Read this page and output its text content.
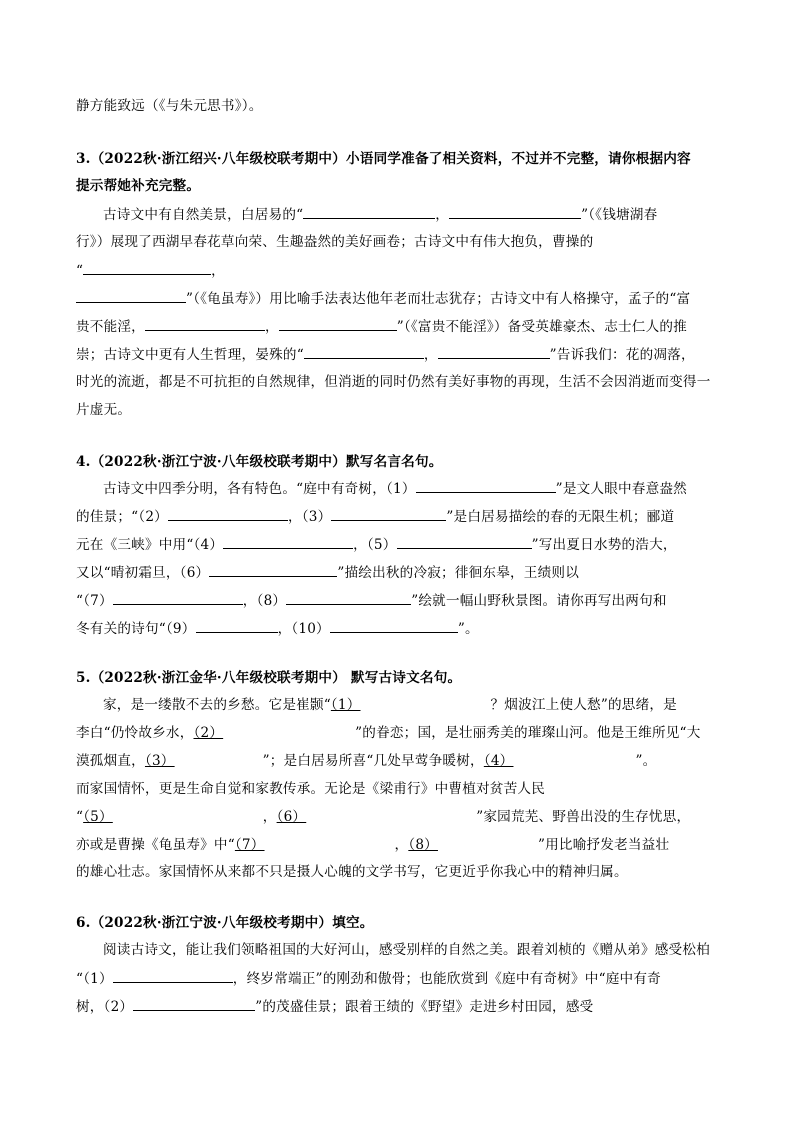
静方能致远（《与朱元思书》）。
3.（2022秋·浙江绍兴·八年级校联考期中）小语同学准备了相关资料，不过并不完整，请你根据内容
提示帮她补充完整。
古诗文中有自然美景，白居易的“	，	”（《钱塘湖春
行》）展现了西湖早春花草向荣、生趣盎然的美好画卷；古诗文中有伟大抱负，曹操的
“	，
”（《龟虽寿》）用比喻手法表达他年老而壮志犹存；古诗文中有人格操守，孟子的“富
贵不能淫，	，	”（《富贵不能淫》）备受英雄豪杰、志士仁人的推
崇；古诗文中更有人生哲理，晏殊的“	，	”告诉我们：花的凋落，
时光的流逝，都是不可抗拒的自然规律，但消逝的同时仍然有美好事物的再现，生活不会因消逝而变得一
片虚无。
4.（2022秋·浙江宁波·八年级校联考期中）默写名言名句。
古诗文中四季分明，各有特色。“庭中有奇树，（1）	”是文人眼中春意盎然
的佳景；“（2）	，（3）	”是白居易描绘的春的无限生机；郦道
元在《三峡》中用“（4）	，（5）	”写出夏日水势的浩大，
又以“晴初霜旦，（6）	”描绘出秋的冷寂；徘徊东皋，王绩则以
“（7）	，（8）	”绘就一幅山野秋景图。请你再写出两句和
冬有关的诗句“（9）	，（10）	”。
5.（2022秋·浙江金华·八年级校联考期中） 默写古诗文名句。
家，是一缕散不去的乡愁。它是崔颢“（1）	？烟波江上使人愁”的思绪，是
李白“仍怜故乡水，（2）	”的眷恋；国，是壮丽秀美的璀璨山河。他是王维所见“大
漠孤烟直，（3）	”；是白居易所喜“几处早莺争暖树，（4）	”。
而家国情怀，更是生命自觉和家教传承。无论是《梁甫行》中曹植对贫苦人民
“（5）	，（6）	”家园荒芜、野兽出没的生存忧思，
亦或是曹操《龟虽寿》中“（7）	，（8）	”用比喻抒发老当益壮
的雄心壮志。家国情怀从来都不只是摄人心魄的文学书写，它更近乎你我心中的精神归属。
6.（2022秋·浙江宁波·八年级校考期中）填空。
阅读古诗文，能让我们领略祖国的大好河山，感受别样的自然之美。跟着刘桢的《赠从弟》感受松柏
“（1）	，终岁常端正”的刚劲和傲骨；也能欣赏到《庭中有奇树》中“庭中有奇
树，（2）	”的茂盛佳景；跟着王绩的《野望》走进乡村田园，感受
